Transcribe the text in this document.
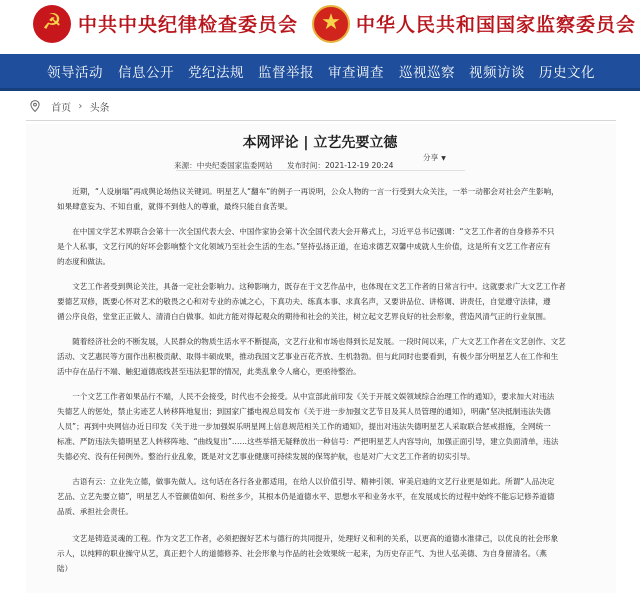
☭ 中共中央纪律检查委员会	★ 中华人民共和国国家监察委员会
领导活动 信息公开 党纪法规 监督举报 审查调查 巡视巡察 视频访谈 历史文化
首页 › 头条
本网评论 | 立艺先要立德
来源：中央纪委国家监委网站 发布时间：2021-12-19 20:24
分享 ▼
近期，“人设崩塌”再成舆论场热议关键词。明星艺人“翻车”的例子一再说明，公众人物的一言一行受到大众关注，一举一动都会对社会产生影响，
如果肆意妄为、不知自重，就得不到他人的尊重，最终只能自食苦果。
在中国文学艺术界联合会第十一次全国代表大会、中国作家协会第十次全国代表大会开幕式上，习近平总书记强调：“文艺工作者的自身修养不只
是个人私事，文艺行风的好坏会影响整个文化领域乃至社会生活的生态。”坚持弘扬正道，在追求德艺双馨中成就人生价值，这是所有文艺工作者应有
的态度和做法。
文艺工作者受到舆论关注，具备一定社会影响力。这种影响力，既存在于文艺作品中，也体现在文艺工作者的日常言行中。这就要求广大文艺工作者
要德艺双修，既要心怀对艺术的敬畏之心和对专业的赤诚之心，下真功夫、练真本事、求真名声，又要讲品位、讲格调、讲责任，自觉遵守法律，遵
循公序良俗，堂堂正正做人、清清白白做事。如此方能对得起观众的期待和社会的关注，树立起文艺界良好的社会形象，营造风清气正的行业氛围。
随着经济社会的不断发展，人民群众的物质生活水平不断提高，文艺行业和市场也得到长足发展。一段时间以来，广大文艺工作者在文艺创作、文艺
活动、文艺惠民等方面作出积极贡献、取得丰硕成果，推动我国文艺事业百花齐放、生机勃勃。但与此同时也要看到，有极少部分明星艺人在工作和生
活中存在品行不端、触犯道德底线甚至违法犯罪的情况，此类乱象令人痛心，更亟待整治。
一个文艺工作者如果品行不端，人民不会接受，时代也不会接受。从中宣部此前印发《关于开展文娱领域综合治理工作的通知》，要求加大对违法
失德艺人的惩处，禁止劣迹艺人转移阵地复出；到国家广播电视总局发布《关于进一步加强文艺节目及其人员管理的通知》，明确“坚决抵制违法失德
人员”；再到中央网信办近日印发《关于进一步加强娱乐明星网上信息规范相关工作的通知》，提出对违法失德明星艺人采取联合惩戒措施，全网统一
标准、严防违法失德明星艺人转移阵地、“曲线复出”……这些举措无疑释放出一种信号：严把明星艺人内容导向，加强正面引导，建立负面清单，违法
失德必究、没有任何例外。整治行业乱象，既是对文艺事业健康可持续发展的保驾护航，也是对广大文艺工作者的切实引导。
古语有云：立业先立德，做事先做人。这句话在各行各业都适用，在给人以价值引导、精神引领、审美启迪的文艺行业更是如此。所谓“人品决定
艺品、立艺先要立德”，明星艺人不管颜值如何、粉丝多少，其根本仍是道德水平、思想水平和业务水平，在发展成长的过程中始终不能忘记修养道德
品质、承担社会责任。
文艺是铸造灵魂的工程。作为文艺工作者，必须把握好艺术与德行的共同提升，处理好义和利的关系，以更高的道德水准律己，以优良的社会形象
示人，以纯粹的职业操守从艺，真正把个人的道德修养、社会形象与作品的社会效果统一起来，为历史存正气、为世人弘美德、为自身留清名。（燕
陆）
